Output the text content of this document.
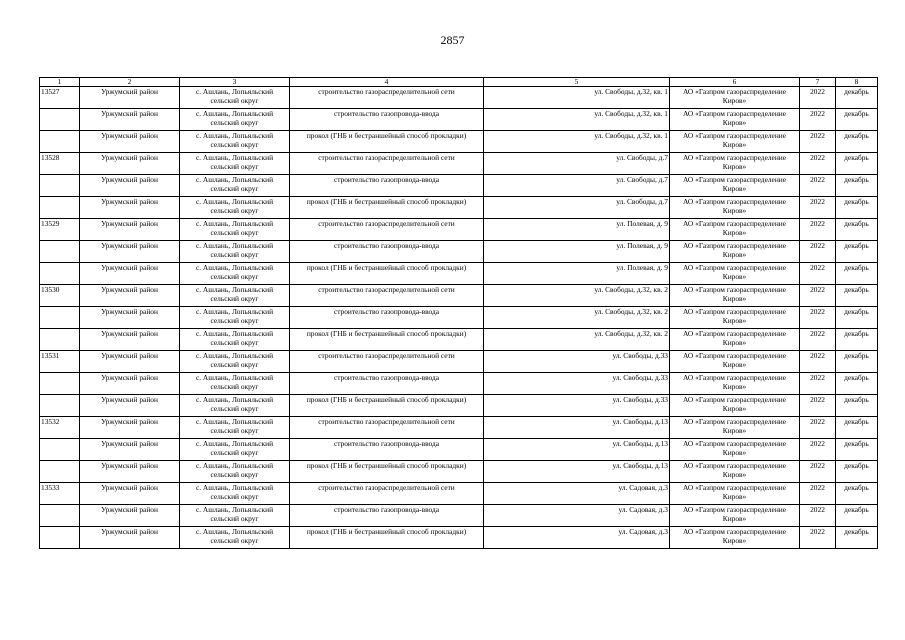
2857
1	2	3	4	5	6	7	8
13527	Уржумский район	с. Ашлань, Лопьяльский сельский округ	строительство газораспределительной сети	ул. Свободы, д.32, кв. 1	АО «Газпром газораспределение Киров»	2022	декабрь
	Уржумский район	с. Ашлань, Лопьяльский сельский округ	строительство газопровода-ввода	ул. Свободы, д.32, кв. 1	АО «Газпром газораспределение Киров»	2022	декабрь
	Уржумский район	с. Ашлань, Лопьяльский сельский округ	прокол (ГНБ и бестраншейный способ прокладки)	ул. Свободы, д.32, кв. 1	АО «Газпром газораспределение Киров»	2022	декабрь
13528	Уржумский район	с. Ашлань, Лопьяльский сельский округ	строительство газораспределительной сети	ул. Свободы, д.7	АО «Газпром газораспределение Киров»	2022	декабрь
	Уржумский район	с. Ашлань, Лопьяльский сельский округ	строительство газопровода-ввода	ул. Свободы, д.7	АО «Газпром газораспределение Киров»	2022	декабрь
	Уржумский район	с. Ашлань, Лопьяльский сельский округ	прокол (ГНБ и бестраншейный способ прокладки)	ул. Свободы, д.7	АО «Газпром газораспределение Киров»	2022	декабрь
13529	Уржумский район	с. Ашлань, Лопьяльский сельский округ	строительство газораспределительной сети	ул. Полевая, д. 9	АО «Газпром газораспределение Киров»	2022	декабрь
	Уржумский район	с. Ашлань, Лопьяльский сельский округ	строительство газопровода-ввода	ул. Полевая, д. 9	АО «Газпром газораспределение Киров»	2022	декабрь
	Уржумский район	с. Ашлань, Лопьяльский сельский округ	прокол (ГНБ и бестраншейный способ прокладки)	ул. Полевая, д. 9	АО «Газпром газораспределение Киров»	2022	декабрь
13530	Уржумский район	с. Ашлань, Лопьяльский сельский округ	строительство газораспределительной сети	ул. Свободы, д.32, кв. 2	АО «Газпром газораспределение Киров»	2022	декабрь
	Уржумский район	с. Ашлань, Лопьяльский сельский округ	строительство газопровода-ввода	ул. Свободы, д.32, кв. 2	АО «Газпром газораспределение Киров»	2022	декабрь
	Уржумский район	с. Ашлань, Лопьяльский сельский округ	прокол (ГНБ и бестраншейный способ прокладки)	ул. Свободы, д.32, кв. 2	АО «Газпром газораспределение Киров»	2022	декабрь
13531	Уржумский район	с. Ашлань, Лопьяльский сельский округ	строительство газораспределительной сети	ул. Свободы, д.33	АО «Газпром газораспределение Киров»	2022	декабрь
	Уржумский район	с. Ашлань, Лопьяльский сельский округ	строительство газопровода-ввода	ул. Свободы, д.33	АО «Газпром газораспределение Киров»	2022	декабрь
	Уржумский район	с. Ашлань, Лопьяльский сельский округ	прокол (ГНБ и бестраншейный способ прокладки)	ул. Свободы, д.33	АО «Газпром газораспределение Киров»	2022	декабрь
13532	Уржумский район	с. Ашлань, Лопьяльский сельский округ	строительство газораспределительной сети	ул. Свободы, д.13	АО «Газпром газораспределение Киров»	2022	декабрь
	Уржумский район	с. Ашлань, Лопьяльский сельский округ	строительство газопровода-ввода	ул. Свободы, д.13	АО «Газпром газораспределение Киров»	2022	декабрь
	Уржумский район	с. Ашлань, Лопьяльский сельский округ	прокол (ГНБ и бестраншейный способ прокладки)	ул. Свободы, д.13	АО «Газпром газораспределение Киров»	2022	декабрь
13533	Уржумский район	с. Ашлань, Лопьяльский сельский округ	строительство газораспределительной сети	ул. Садовая, д.3	АО «Газпром газораспределение Киров»	2022	декабрь
	Уржумский район	с. Ашлань, Лопьяльский сельский округ	строительство газопровода-ввода	ул. Садовая, д.3	АО «Газпром газораспределение Киров»	2022	декабрь
	Уржумский район	с. Ашлань, Лопьяльский сельский округ	прокол (ГНБ и бестраншейный способ прокладки)	ул. Садовая, д.3	АО «Газпром газораспределение Киров»	2022	декабрь
